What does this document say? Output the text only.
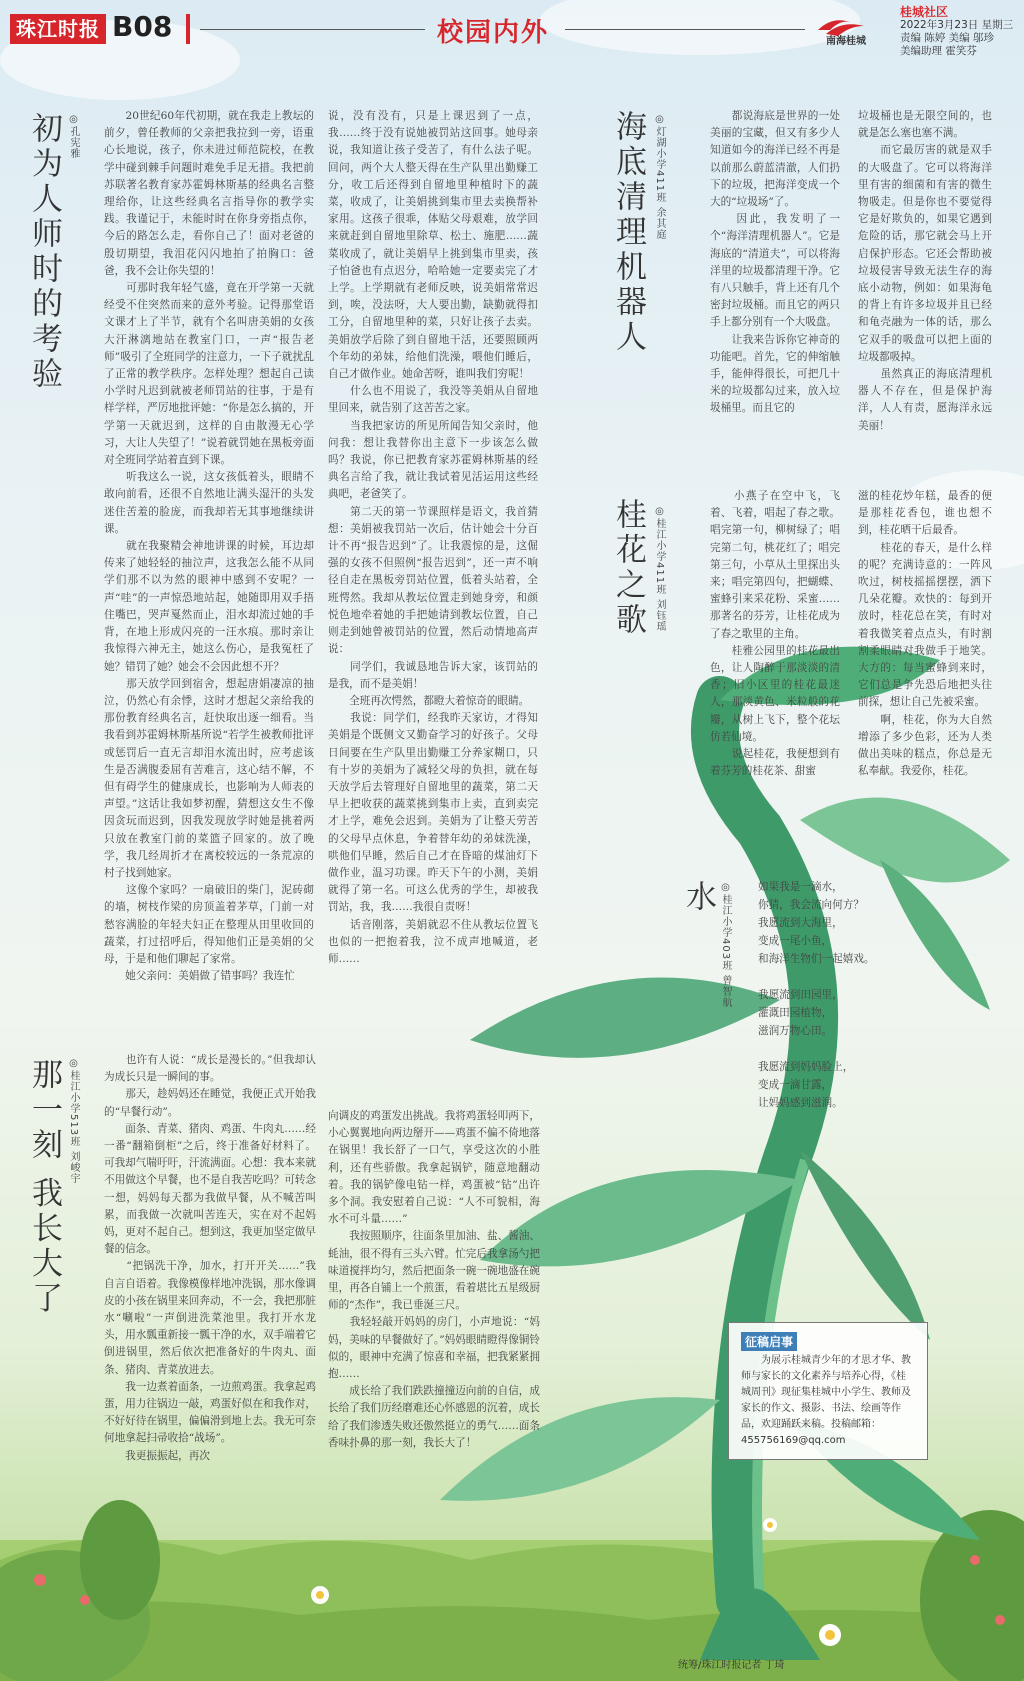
珠江时报 B08	校园内外	南海桂城
桂城社区
2022年3月23日 星期三
责编 陈婷 美编 邬珍
美编助理 霍笑芬
初为人师时的考验 ◎孔宪雅	　　20世纪60年代初期，就在我走上教坛的前夕，曾任教师的父亲把我拉到一旁，语重心长地说，孩子，你未进过师范院校，在教学中碰到棘手问题时难免手足无措。我把前苏联著名教育家苏霍姆林斯基的经典名言整理给你，让这些经典名言指导你的教学实践。我谨记于，未能时时在你身旁指点你，今后的路怎么走，看你自己了！面对老爸的殷切期望，我泪花闪闪地拍了拍胸口：爸爸，我不会让你失望的！
　　可那时我年轻气盛，竟在开学第一天就经受不住突然而来的意外考验。记得那堂语文课才上了半节，就有个名叫唐美娟的女孩大汗淋漓地站在教室门口，一声“报告老师”吸引了全班同学的注意力，一下子就扰乱了正常的教学秩序。怎样处理？想起自己读小学时凡迟到就被老师罚站的往事，于是有样学样，严厉地批评她：“你是怎么搞的，开学第一天就迟到，这样的自由散漫无心学习，大让人失望了！”说着就罚她在黑板旁面对全班同学站着直到下课。
　　听我这么一说，这女孩低着头，眼睛不敢向前看，还很不自然地让满头湿汗的头发迷住苦羞的脸庞，而我却若无其事地继续讲课。
　　就在我聚精会神地讲课的时候，耳边却传来了她轻轻的抽泣声，这我怎么能不从同学们那不以为然的眼神中感到不安呢？一声“哇”的一声惊恐地站起，她随即用双手捂住嘴巴，哭声戛然而止，泪水却流过她的手背，在地上形成闪亮的一汪水痕。那时亲让我惊得六神无主，她这么伤心，是我冤枉了她？错罚了她？她会不会因此想不开？
　　那天放学回到宿舍，想起唐娟凄凉的抽泣，仍然心有余悸，这时才想起父亲给我的那份教育经典名言，赶快取出逐一细看。当我看到苏霍姆林斯基所说“若学生被教师批评或惩罚后一直无言却泪水流出时，应考虑该生是否满腹委屈有苦难言，这心结不解，不但有碍学生的健康成长，也影响为人师表的声望。”这话让我如梦初醒，猜想这女生不像因贪玩而迟到，因我发现放学时她是挑着两只放在教室门前的菜篮子回家的。放了晚学，我几经周折才在离校较远的一条荒凉的村子找到她家。
　　这像个家吗？一扇破旧的柴门，泥砖砌的墙，树枝作梁的房顶盖着茅草，门前一对愁容满脸的年轻夫妇正在整理从田里收回的蔬菜，打过招呼后，得知他们正是美娟的父母，于是和他们聊起了家常。
　　她父亲问：美娟做了错事吗？我连忙
说，没有没有，只是上课迟到了一点，我……终于没有说她被罚站这回事。她母亲说，我知道让孩子受苦了，有什么法子呢。回问，两个大人整天得在生产队里出勤赚工分，收工后还得到自留地里种植时下的蔬菜，收成了，让美娟挑到集市里去卖换帮补家用。这孩子很乖，体贴父母艰难，放学回来就赶到自留地里除草、松土、施肥……蔬菜收成了，就让美娟早上挑到集市里卖，孩子怕爸也有点迟分，哈哈她一定要卖完了才上学。上学期就有老师反映，说美娟常常迟到，唉，没法呀，大人要出勤，缺勤就得扣工分，自留地里种的菜，只好让孩子去卖。美娟放学后除了到自留地干活，还要照顾两个年幼的弟妹，给他们洗澡，喂他们睡后，自己才做作业。她命苦呀，谁叫我们穷呢！
　　什么也不用说了，我没等美娟从自留地里回来，就告别了这苦苦之家。
　　当我把家访的所见所闻告知父亲时，他问我：想让我替你出主意下一步该怎么做吗？我说，你已把教育家苏霍姆林斯基的经典名言给了我，就让我试着见活运用这些经典吧，老爸笑了。
　　第二天的第一节课照样是语文，我首猜想：美娟被我罚站一次后，估计她会十分百计不再“报告迟到”了。让我震惊的是，这倔强的女孩不但照例“报告迟到”，还一声不响径自走在黑板旁罚站位置，低着头站着，全班愕然。我却从教坛位置走到她身旁，和颜悦色地牵着她的手把她请到教坛位置，自己则走到她曾被罚站的位置，然后动情地高声说：
　　同学们，我诚恳地告诉大家，该罚站的是我，而不是美娟！
　　全班再次愕然，都瞪大着惊奇的眼睛。
　　我说：同学们，经我昨天家访，才得知美娟是个既侧文又勤奋学习的好孩子。父母日间要在生产队里出勤赚工分养家糊口，只有十岁的美娟为了减轻父母的负担，就在每天放学后去管理好自留地里的蔬菜，第二天早上把收获的蔬菜挑到集市上卖，直到卖完才上学，难免会迟到。美娟为了让整天劳苦的父母早点休息，争着替年幼的弟妹洗澡，哄他们早睡，然后自己才在昏暗的煤油灯下做作业，温习功课。昨天下午的小测，美娟就得了第一名。可这么优秀的学生，却被我罚站，我，我……我很自责呀！
　　话音刚落，美娟就忍不住从教坛位置飞也似的一把抱着我，泣不成声地喊道，老师……
海底清理机器人 ◎灯湖小学411班 余其庭	　　都说海底是世界的一处美丽的宝藏，但又有多少人知道如今的海洋已经不再是以前那么蔚蓝清澈，人们扔下的垃圾，把海洋变成一个大的“垃圾场”了。
　　因此，我发明了一个“海洋清理机器人”。它是海底的“清道夫”，可以将海洋里的垃圾都清理干净。它有八只触手，背上还有几个密封垃圾桶。而且它的两只手上都分别有一个大吸盘。
　　让我来告诉你它神奇的功能吧。首先，它的伸缩触手，能伸得很长，可把几十米的垃圾都勾过来，放入垃圾桶里。而且它的
垃圾桶也是无限空间的，也就是怎么塞也塞不满。
　　而它最厉害的就是双手的大吸盘了。它可以将海洋里有害的细菌和有害的微生物吸走。但是你也不要觉得它是好欺负的，如果它遇到危险的话，那它就会马上开启保护形态。它还会帮助被垃圾侵害导致无法生存的海底小动物，例如：如果海龟的背上有许多垃圾并且已经和龟壳融为一体的话，那么它双手的吸盘可以把上面的垃圾都吸掉。
　　虽然真正的海底清理机器人不存在，但是保护海洋，人人有责，愿海洋永远美丽！
桂花之歌 ◎桂江小学411班 刘钰瑶
　　小燕子在空中飞，飞着、飞着，唱起了春之歌。唱完第一句，柳树绿了；唱完第二句，桃花红了；唱完第三句，小草从土里探出头来；唱完第四句，把蝴蝶、蜜蜂引来采花粉、采蜜……那著名的芬芳，让桂花成为了春之歌里的主角。
　　桂雅公园里的桂花最出色，让人陶醉于那淡淡的清香；旧小区里的桂花最迷人，那淡黄色、米粒般的花瓣，从树上飞下，整个花坛仿若仙境。
　　说起桂花，我便想到有着芬芳的桂花茶、甜蜜
滋的桂花炒年糕，最香的便是那桂花香包，谁也想不到，桂花晒干后最香。
　　桂花的春天，是什么样的呢？充满诗意的：一阵风吹过，树枝摇摇摆摆，洒下几朵花瓣。欢快的：每到开放时，桂花总在笑，有时对着我微笑着点点头，有时割割柔眼睛对我做手于地笑。大方的：每当蜜蜂到来时，它们总是争先恐后地把头往前探，想让自己先被采蜜。
　　啊，桂花，你为大自然增添了多少色彩，还为人类做出美味的糕点，你总是无私奉献。我爱你，桂花。
水 ◎桂江小学403班 曾智航	如果我是一滴水，
你猜，我会流向何方？
我愿流到大海里，
变成一尾小鱼，
和海洋生物们一起嬉戏。

我愿流到田园里，
灌溉田园植物，
滋润万物心田。

我愿流到妈妈脸上，
变成一滴甘露，
让妈妈感到滋润。
那一刻 我长大了 ◎桂江小学513班 刘峻宇	　　也许有人说：“成长是漫长的。”但我却认为成长只是一瞬间的事。
　　那天，趁妈妈还在睡觉，我便正式开始我的“早餐行动”。
　　面条、青菜、猪肉、鸡蛋、牛肉丸……经一番“翻箱倒柜”之后，终于准备好材料了。可我却气喘吁吁，汗流满面。心想：我本来就不用做这个早餐，也不是自我苦吃吗？可转念一想，妈妈每天都为我做早餐，从不喊苦叫累，而我做一次就叫苦连天，实在对不起妈妈，更对不起自己。想到这，我更加坚定做早餐的信念。
　　“把锅洗干净，加水，打开开关……”我自言自语着。我像模像样地冲洗锅，那水像调皮的小孩在锅里来回奔动，不一会，我把那脏水“唰啦”一声倒进洗菜池里。我打开水龙头，用水瓢重新接一瓢干净的水，双手端着它倒进锅里，然后依次把准备好的牛肉丸、面条、猪肉、青菜放进去。
　　我一边煮着面条，一边煎鸡蛋。我拿起鸡蛋，用力往锅边一敲，鸡蛋好似在和我作对，不好好待在锅里，偏偏滑到地上去。我无可奈何地拿起扫帚收拾“战场”。
　　我更振振起，再次
向调皮的鸡蛋发出挑战。我将鸡蛋轻叩两下，小心翼翼地向两边掰开——鸡蛋不偏不倚地落在锅里！我长舒了一口气，享受这次的小胜利，还有些骄傲。我拿起锅铲，随意地翻动着。我的锅铲像电钻一样，鸡蛋被“钻”出许多个洞。我安慰着自己说：“人不可貌相，海水不可斗量……”
　　我按照顺序，往面条里加油、盐、酱油、蚝油，很不得有三头六臂。忙完后我拿汤勺把味道搅拌均匀，然后把面条一碗一碗地盛在碗里，再各自铺上一个煎蛋，看着堪比五星级厨师的“杰作”，我已垂涎三尺。
　　我轻轻敲开妈妈的房门，小声地说：“妈妈，美味的早餐做好了。”妈妈眼睛瞪得像铜铃似的，眼神中充满了惊喜和幸福，把我紧紧拥抱……
　　成长给了我们跌跌撞撞迈向前的自信，成长给了我们历经磨难还心怀感恩的沉着，成长给了我们渗透失败还傲然挺立的勇气……面条香味扑鼻的那一刻，我长大了！
征稿启事
为展示桂城青少年的才思才华、教师与家长的文化素养与培养心得，《桂城周刊》现征集桂城中小学生、教师及家长的作文、摄影、书法、绘画等作品，欢迎踊跃来稿。投稿邮箱：455756169@qq.com
统筹/珠江时报记者 丁琦
